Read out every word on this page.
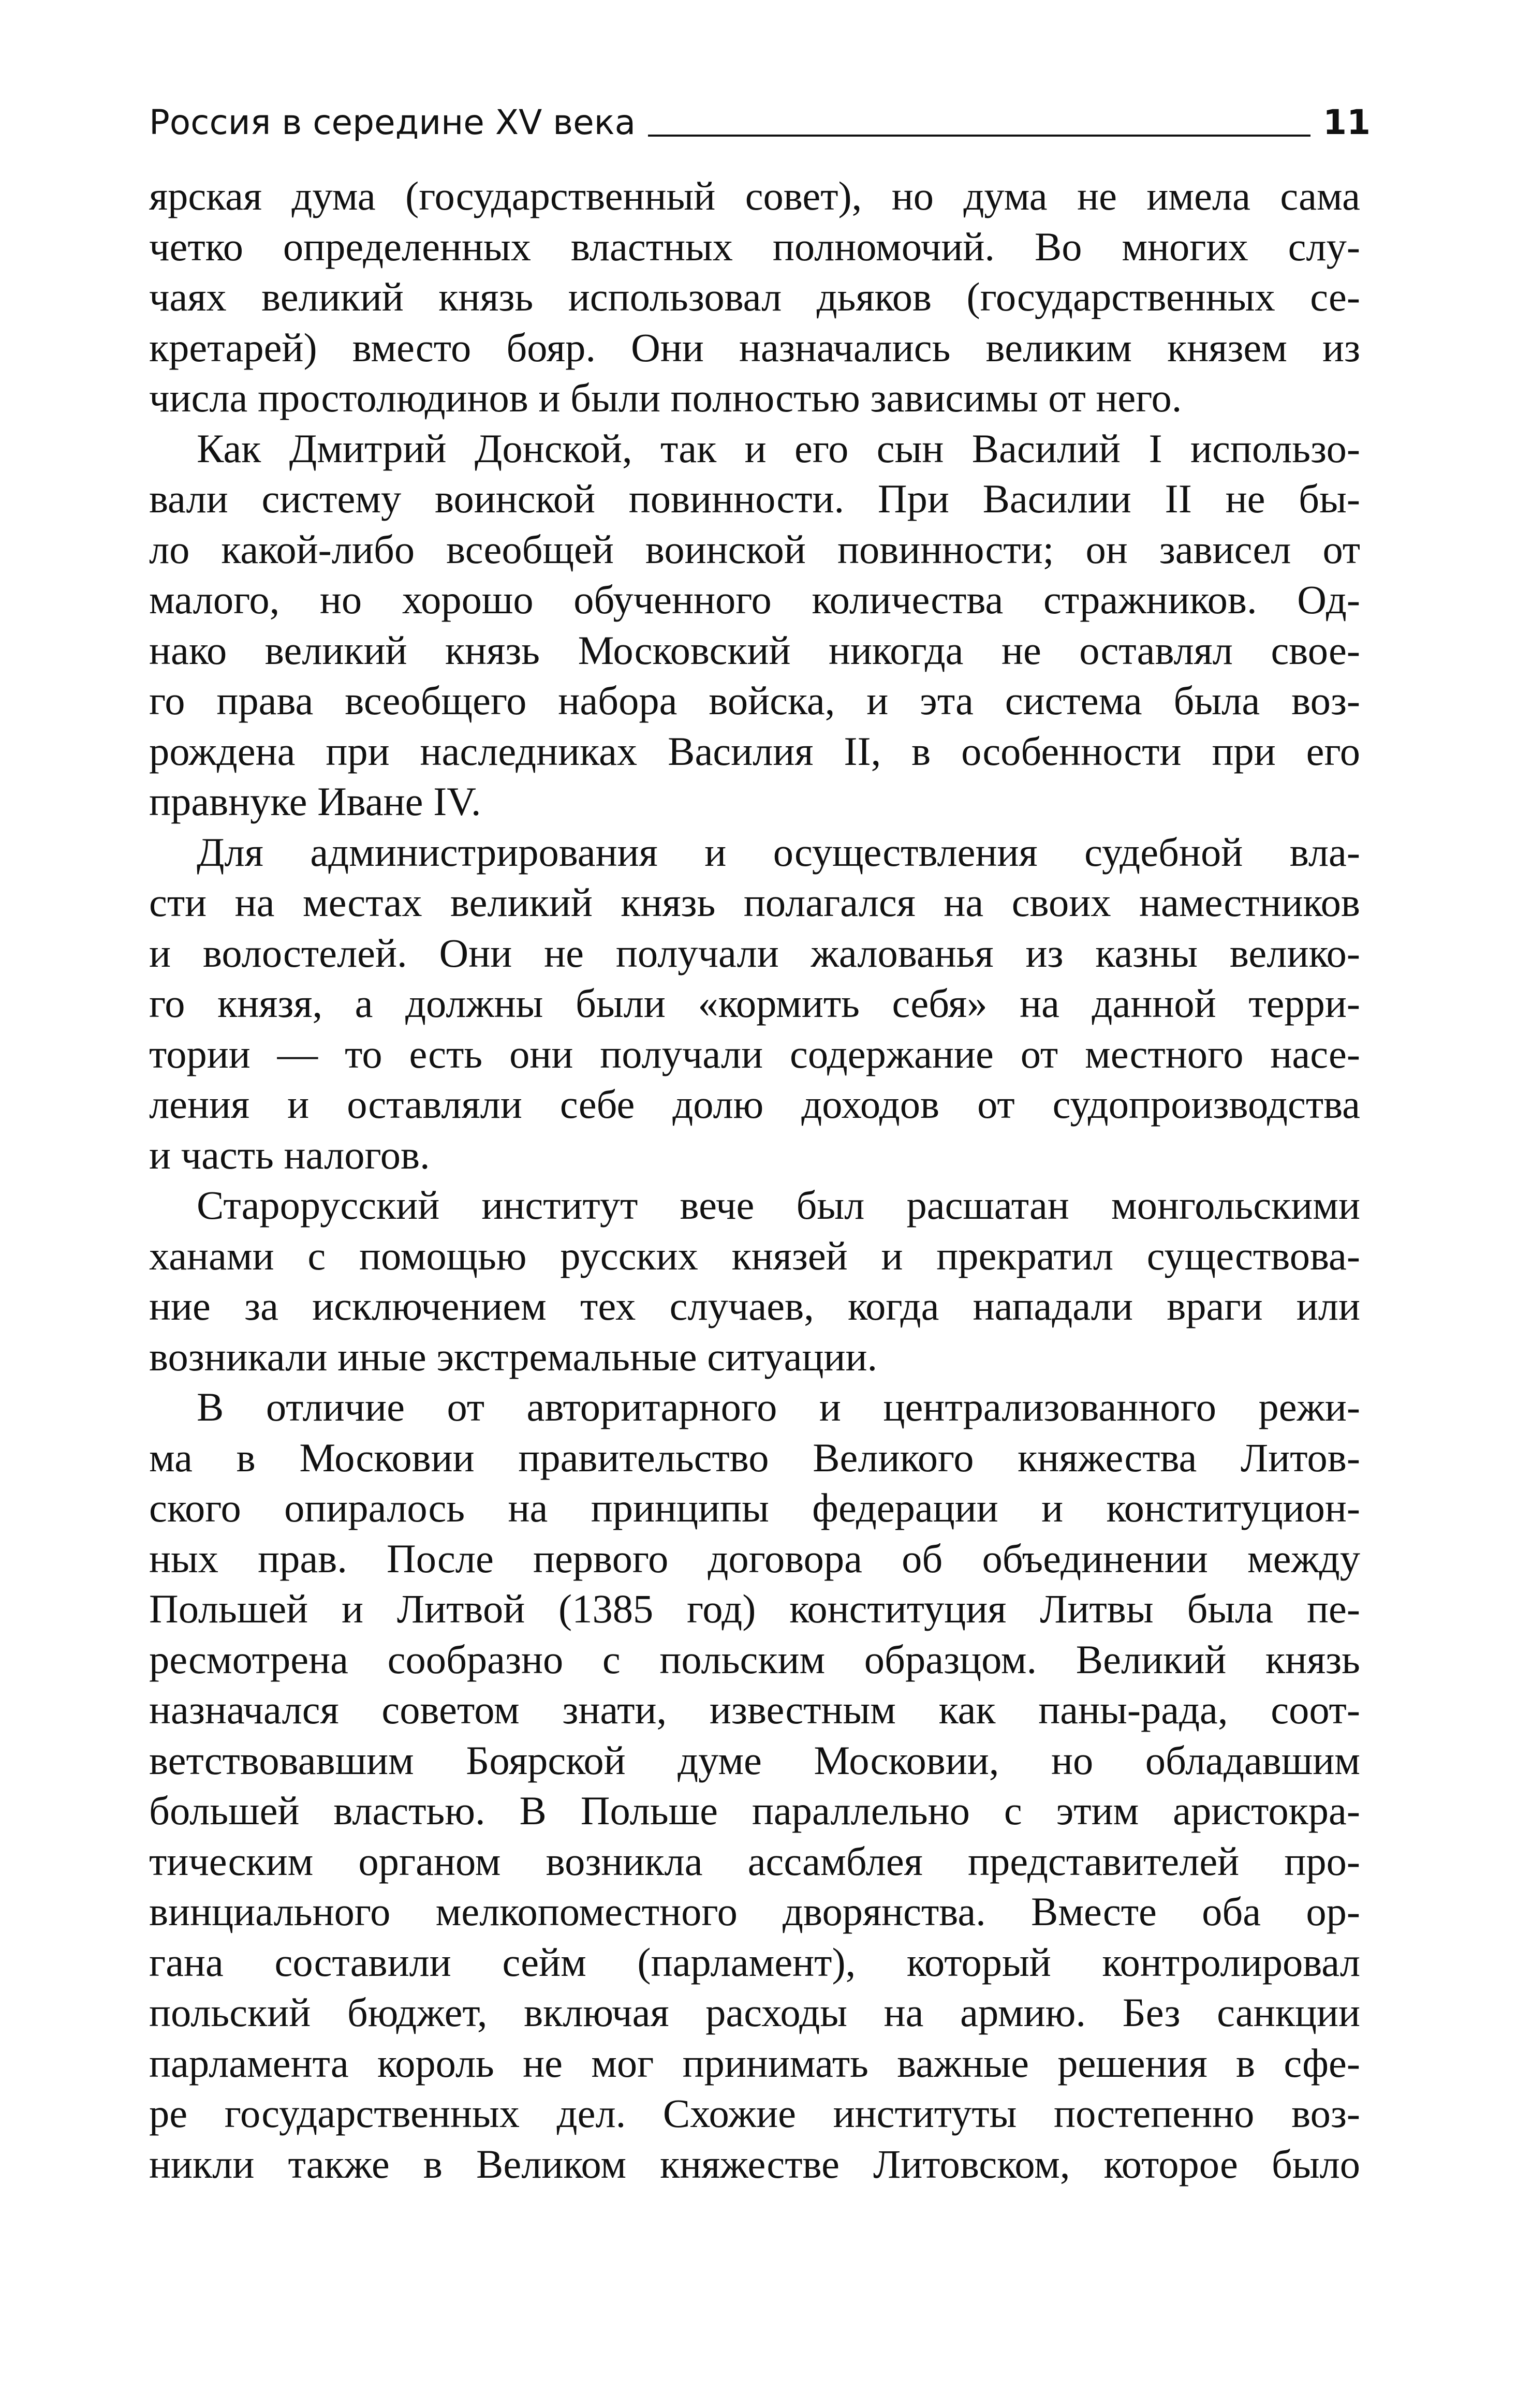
Россия в середине XV века	11
ярская дума (государственный совет), но дума не имела сама
четко определенных властных полномочий. Во многих слу-
чаях великий князь использовал дьяков (государственных се-
кретарей) вместо бояр. Они назначались великим князем из
числа простолюдинов и были полностью зависимы от него.
Как Дмитрий Донской, так и его сын Василий I использо-
вали систему воинской повинности. При Василии II не бы-
ло какой-либо всеобщей воинской повинности; он зависел от
малого, но хорошо обученного количества стражников. Од-
нако великий князь Московский никогда не оставлял свое-
го права всеобщего набора войска, и эта система была воз-
рождена при наследниках Василия II, в особенности при его
правнуке Иване IV.
Для администрирования и осуществления судебной вла-
сти на местах великий князь полагался на своих наместников
и волостелей. Они не получали жалованья из казны велико-
го князя, а должны были «кормить себя» на данной терри-
тории — то есть они получали содержание от местного насе-
ления и оставляли себе долю доходов от судопроизводства
и часть налогов.
Старорусский институт вече был расшатан монгольскими
ханами с помощью русских князей и прекратил существова-
ние за исключением тех случаев, когда нападали враги или
возникали иные экстремальные ситуации.
В отличие от авторитарного и централизованного режи-
ма в Московии правительство Великого княжества Литов-
ского опиралось на принципы федерации и конституцион-
ных прав. После первого договора об объединении между
Польшей и Литвой (1385 год) конституция Литвы была пе-
ресмотрена сообразно с польским образцом. Великий князь
назначался советом знати, известным как паны-рада, соот-
ветствовавшим Боярской думе Московии, но обладавшим
большей властью. В Польше параллельно с этим аристокра-
тическим органом возникла ассамблея представителей про-
винциального мелкопоместного дворянства. Вместе оба ор-
гана составили сейм (парламент), который контролировал
польский бюджет, включая расходы на армию. Без санкции
парламента король не мог принимать важные решения в сфе-
ре государственных дел. Схожие институты постепенно воз-
никли также в Великом княжестве Литовском, которое было
